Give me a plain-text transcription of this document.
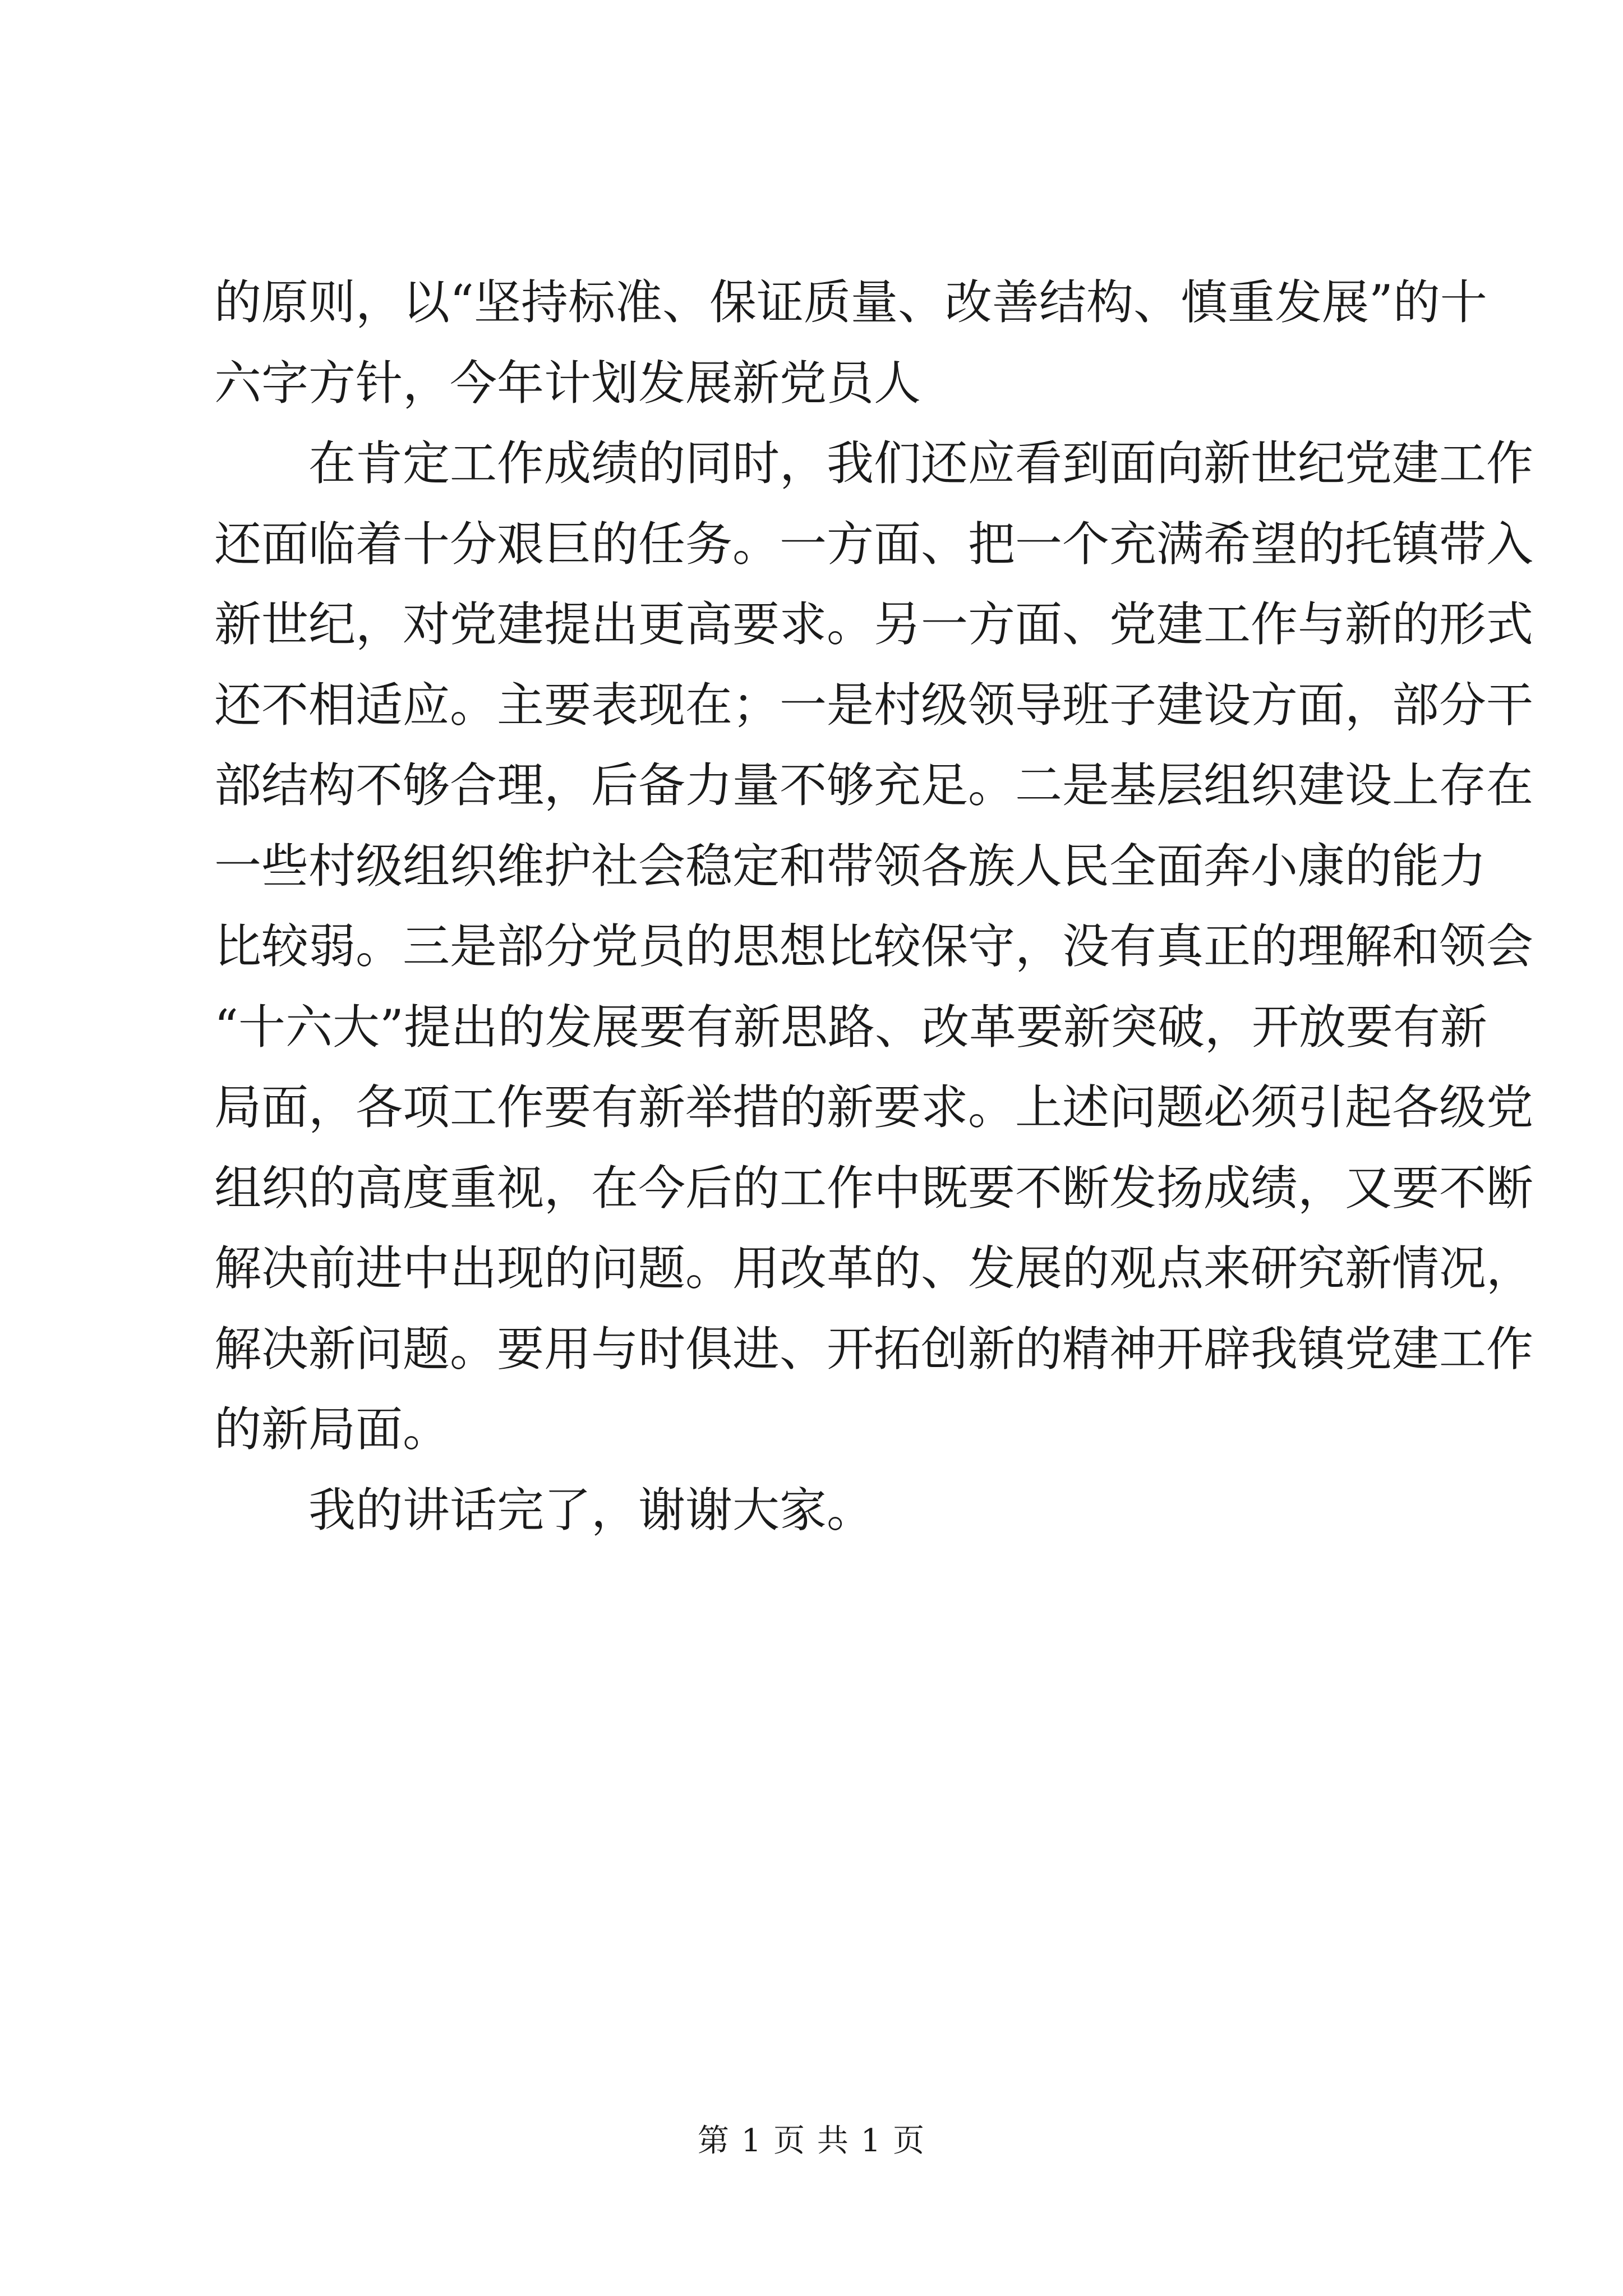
的原则，以“坚持标准、保证质量、改善结构、慎重发展”的十
六字方针，今年计划发展新党员人
在肯定工作成绩的同时，我们还应看到面向新世纪党建工作
还面临着十分艰巨的任务。一方面、把一个充满希望的托镇带入
新世纪，对党建提出更高要求。另一方面、党建工作与新的形式
还不相适应。主要表现在；一是村级领导班子建设方面，部分干
部结构不够合理，后备力量不够充足。二是基层组织建设上存在
一些村级组织维护社会稳定和带领各族人民全面奔小康的能力
比较弱。三是部分党员的思想比较保守，没有真正的理解和领会
“十六大”提出的发展要有新思路、改革要新突破，开放要有新
局面，各项工作要有新举措的新要求。上述问题必须引起各级党
组织的高度重视，在今后的工作中既要不断发扬成绩，又要不断
解决前进中出现的问题。用改革的、发展的观点来研究新情况，
解决新问题。要用与时俱进、开拓创新的精神开辟我镇党建工作
的新局面。
我的讲话完了，谢谢大家。
第 1 页 共 1 页
